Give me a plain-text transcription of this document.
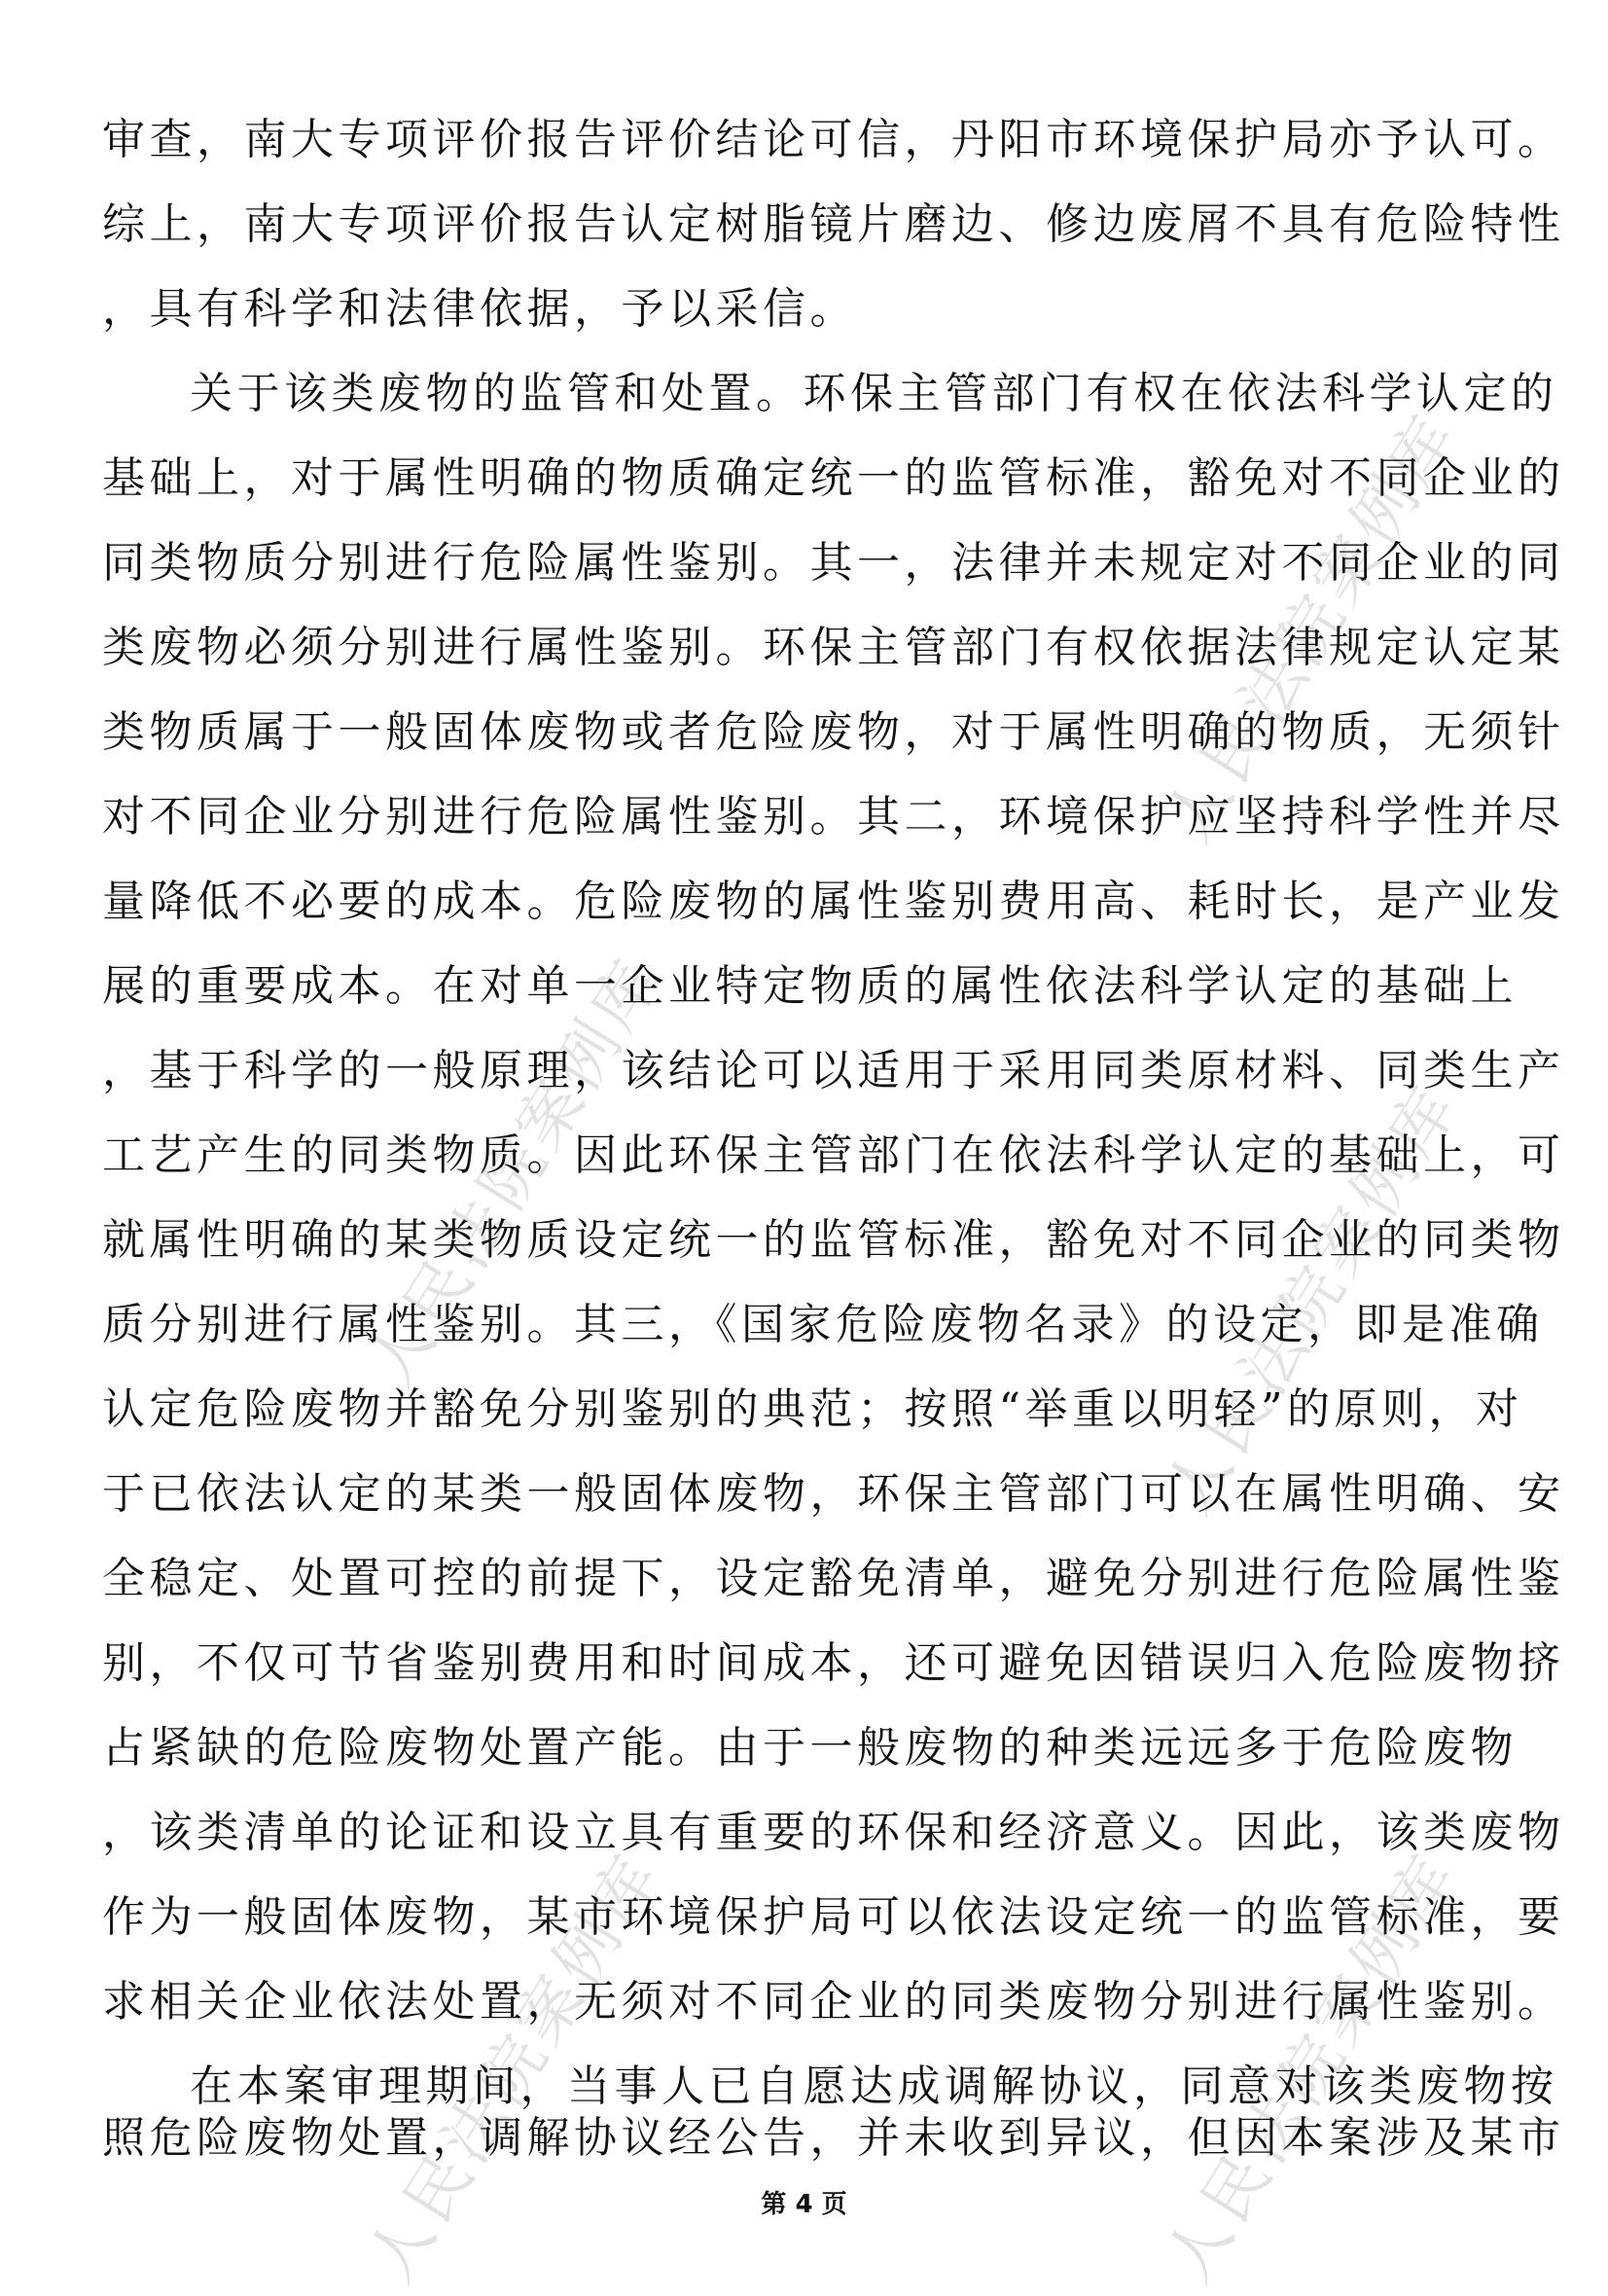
人民法院案例库
人民法院案例库	人民法院案例库
人民法院案例库	人民法院案例库
审查，南大专项评价报告评价结论可信，丹阳市环境保护局亦予认可。
综上，南大专项评价报告认定树脂镜片磨边、修边废屑不具有危险特性
，具有科学和法律依据，予以采信。
关于该类废物的监管和处置。环保主管部门有权在依法科学认定的
基础上，对于属性明确的物质确定统一的监管标准，豁免对不同企业的
同类物质分别进行危险属性鉴别。其一，法律并未规定对不同企业的同
类废物必须分别进行属性鉴别。环保主管部门有权依据法律规定认定某
类物质属于一般固体废物或者危险废物，对于属性明确的物质，无须针
对不同企业分别进行危险属性鉴别。其二，环境保护应坚持科学性并尽
量降低不必要的成本。危险废物的属性鉴别费用高、耗时长，是产业发
展的重要成本。在对单一企业特定物质的属性依法科学认定的基础上
，基于科学的一般原理，该结论可以适用于采用同类原材料、同类生产
工艺产生的同类物质。因此环保主管部门在依法科学认定的基础上，可
就属性明确的某类物质设定统一的监管标准，豁免对不同企业的同类物
质分别进行属性鉴别。其三，《国家危险废物名录》的设定，即是准确
认定危险废物并豁免分别鉴别的典范；按照“举重以明轻”的原则，对
于已依法认定的某类一般固体废物，环保主管部门可以在属性明确、安
全稳定、处置可控的前提下，设定豁免清单，避免分别进行危险属性鉴
别，不仅可节省鉴别费用和时间成本，还可避免因错误归入危险废物挤
占紧缺的危险废物处置产能。由于一般废物的种类远远多于危险废物
，该类清单的论证和设立具有重要的环保和经济意义。因此，该类废物
作为一般固体废物，某市环境保护局可以依法设定统一的监管标准，要
求相关企业依法处置，无须对不同企业的同类废物分别进行属性鉴别。
在本案审理期间，当事人已自愿达成调解协议，同意对该类废物按
照危险废物处置，调解协议经公告，并未收到异议，但因本案涉及某市
第 4 页
